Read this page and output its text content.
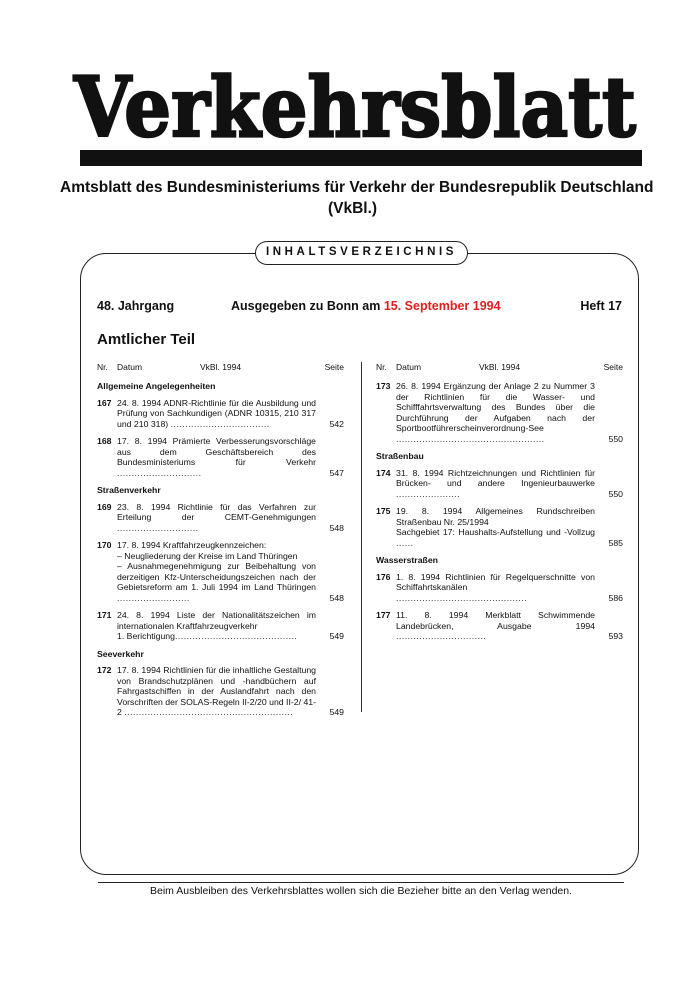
Verkehrsblatt
Amtsblatt des Bundesministeriums für Verkehr der Bundesrepublik Deutschland
(VkBl.)
INHALTSVERZEICHNIS
48. Jahrgang	Ausgegeben zu Bonn am 15. September 1994	Heft 17
Amtlicher Teil
Nr. Datum	VkBl. 1994	Seite	Nr. Datum	VkBl. 1994	Seite
Allgemeine Angelegenheiten
167 24. 8. 1994 ADNR-Richtlinie für die Ausbildung und Prüfung von Sachkundigen (ADNR 10315, 210 317 und 210 318) ..................................	542
168 17. 8. 1994 Prämierte Verbesserungsvorschläge aus dem Geschäftsbereich des Bundesministeriums für Verkehr .............................	547
Straßenverkehr
169 23. 8. 1994 Richtlinie für das Verfahren zur Erteilung der CEMT-Genehmigungen ............................	548
170 17. 8. 1994 Kraftfahrzeugkennzeichen:
– Neugliederung der Kreise im Land Thüringen
– Ausnahmegenehmigung zur Beibehaltung von derzeitigen Kfz-Unterscheidungszeichen nach der Gebietsreform am 1. Juli 1994 im Land Thüringen .........................	548
171 24. 8. 1994 Liste der Nationalitätszeichen im internationalen Kraftfahrzeugverkehr
1. Berichtigung..........................................	549
Seeverkehr
172 17. 8. 1994 Richtlinien für die inhaltliche Gestaltung von Brandschutzplänen und -handbüchern auf Fahrgastschiffen in der Auslandfahrt nach den Vorschriften der SOLAS-Regeln II-2/20 und II-2/ 41-2 ..........................................................	549
173 26. 8. 1994 Ergänzung der Anlage 2 zu Nummer 3 der Richtlinien für die Wasser- und Schifffahrtsverwaltung des Bundes über die Durchführung der Aufgaben nach der Sportbootführerscheinverordnung-See ...................................................	550
Straßenbau
174 31. 8. 1994 Richtzeichnungen und Richtlinien für Brücken- und andere Ingenieurbauwerke ......................	550
175 19. 8. 1994 Allgemeines Rundschreiben Straßenbau Nr. 25/1994
Sachgebiet 17: Haushalts-Aufstellung und -Vollzug ......	585
Wasserstraßen
176 1. 8. 1994 Richtlinien für Regelquerschnitte von Schiffahrtskanälen .............................................	586
177 11. 8. 1994 Merkblatt Schwimmende Landebrücken, Ausgabe 1994 ...............................	593
Beim Ausbleiben des Verkehrsblattes wollen sich die Bezieher bitte an den Verlag wenden.
